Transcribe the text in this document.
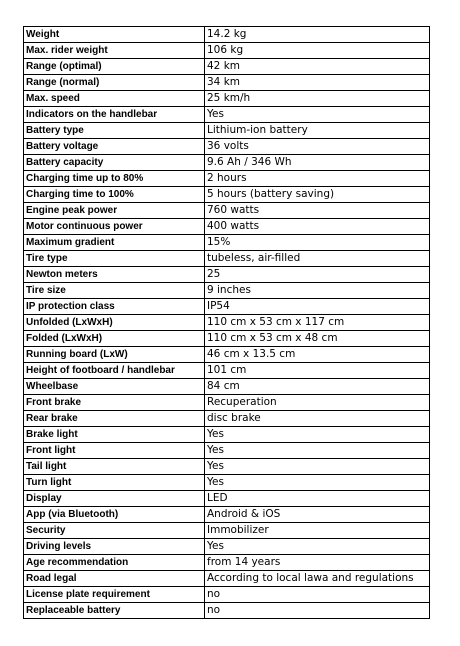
Weight	14.2 kg
Max. rider weight	106 kg
Range (optimal)	42 km
Range (normal)	34 km
Max. speed	25 km/h
Indicators on the handlebar	Yes
Battery type	Lithium-ion battery
Battery voltage	36 volts
Battery capacity	9.6 Ah / 346 Wh
Charging time up to 80%	2 hours
Charging time to 100%	5 hours (battery saving)
Engine peak power	760 watts
Motor continuous power	400 watts
Maximum gradient	15%
Tire type	tubeless, air-filled
Newton meters	25
Tire size	9 inches
IP protection class	IP54
Unfolded (LxWxH)	110 cm x 53 cm x 117 cm
Folded (LxWxH)	110 cm x 53 cm x 48 cm
Running board (LxW)	46 cm x 13.5 cm
Height of footboard / handlebar	101 cm
Wheelbase	84 cm
Front brake	Recuperation
Rear brake	disc brake
Brake light	Yes
Front light	Yes
Tail light	Yes
Turn light	Yes
Display	LED
App (via Bluetooth)	Android & iOS
Security	Immobilizer
Driving levels	Yes
Age recommendation	from 14 years
Road legal	According to local lawa and regulations
License plate requirement	no
Replaceable battery	no
